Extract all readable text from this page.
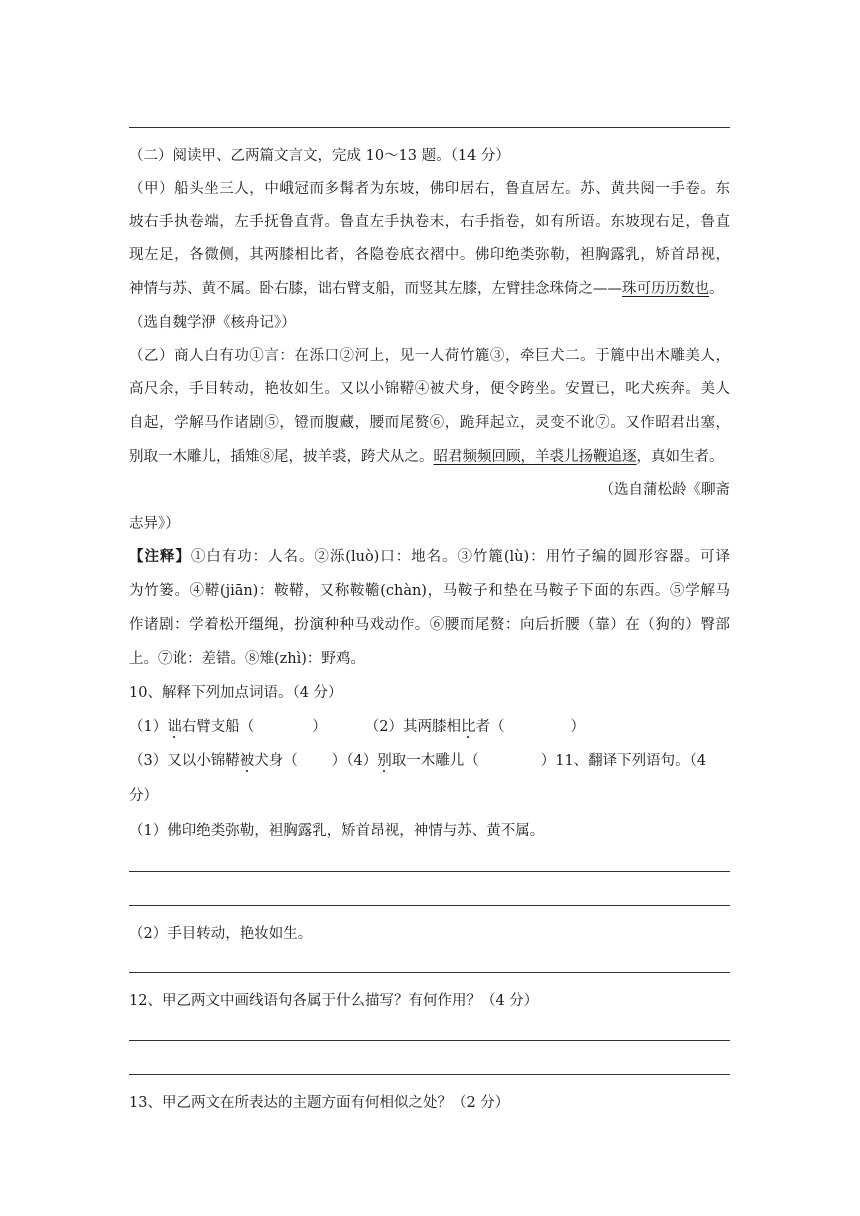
（二）阅读甲、乙两篇文言文，完成 10～13 题。（14 分）
（甲）船头坐三人，中峨冠而多髯者为东坡，佛印居右，鲁直居左。苏、黄共阅一手卷。东
坡右手执卷端，左手抚鲁直背。鲁直左手执卷末，右手指卷，如有所语。东坡现右足，鲁直
现左足，各微侧，其两膝相比者，各隐卷底衣褶中。佛印绝类弥勒，袒胸露乳，矫首昂视，
神情与苏、黄不属。卧右膝，诎右臂支船，而竖其左膝，左臂挂念珠倚之——珠可历历数也。
（选自魏学洢《核舟记》）
（乙）商人白有功①言：在泺口②河上，见一人荷竹簏③，牵巨犬二。于簏中出木雕美人，
高尺余，手目转动，艳妆如生。又以小锦鞯④被犬身，便令跨坐。安置已，叱犬疾奔。美人
自起，学解马作诸剧⑤，镫而腹藏，腰而尾赘⑥，跪拜起立，灵变不讹⑦。又作昭君出塞，
别取一木雕儿，插雉⑧尾，披羊裘，跨犬从之。昭君频频回顾，羊裘儿扬鞭追逐，真如生者。
（选自蒲松龄《聊斋
志异》）
【注释】①白有功：人名。②泺(luò)口：地名。③竹簏(lù)：用竹子编的圆形容器。可译
为竹篓。④鞯(jiān)：鞍鞯，又称鞍韂(chàn)，马鞍子和垫在马鞍子下面的东西。⑤学解马
作诸剧：学着松开缰绳，扮演种种马戏动作。⑥腰而尾赘：向后折腰（靠）在（狗的）臀部
上。⑦讹：差错。⑧雉(zhì)：野鸡。
10、解释下列加点词语。（4 分）
（1）诎右臂支船（	）	（2）其两膝相比者（	）
（3）又以小锦鞯被犬身（ ）（4）别取一木雕儿（	）11、翻译下列语句。（4
分）
（1）佛印绝类弥勒，袒胸露乳，矫首昂视，神情与苏、黄不属。
（2）手目转动，艳妆如生。
12、甲乙两文中画线语句各属于什么描写？有何作用？（4 分）
13、甲乙两文在所表达的主题方面有何相似之处？（2 分）
